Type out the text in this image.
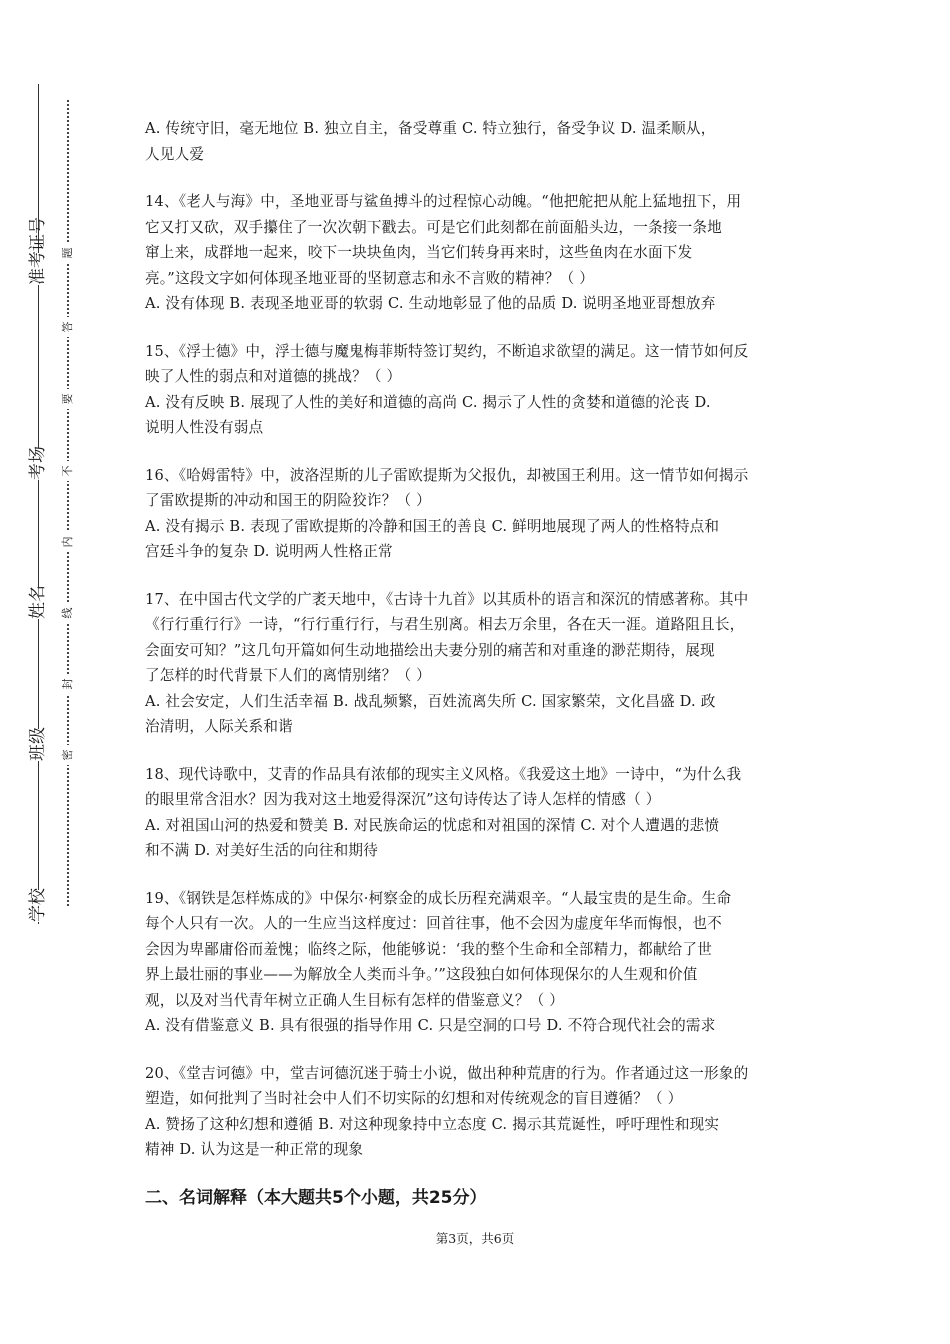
准考证号
考场
姓名
班级
学校
题
答
要
不
内
线
封
密
A. 传统守旧，毫无地位 B. 独立自主，备受尊重 C. 特立独行，备受争议 D. 温柔顺从，
人见人爱
14、《老人与海》中，圣地亚哥与鲨鱼搏斗的过程惊心动魄。“他把舵把从舵上猛地扭下，用
它又打又砍，双手攥住了一次次朝下戳去。可是它们此刻都在前面船头边，一条接一条地
窜上来，成群地一起来，咬下一块块鱼肉，当它们转身再来时，这些鱼肉在水面下发
亮。”这段文字如何体现圣地亚哥的坚韧意志和永不言败的精神？（ ）
A. 没有体现 B. 表现圣地亚哥的软弱 C. 生动地彰显了他的品质 D. 说明圣地亚哥想放弃
15、《浮士德》中，浮士德与魔鬼梅菲斯特签订契约，不断追求欲望的满足。这一情节如何反
映了人性的弱点和对道德的挑战？（ ）
A. 没有反映 B. 展现了人性的美好和道德的高尚 C. 揭示了人性的贪婪和道德的沦丧 D.
说明人性没有弱点
16、《哈姆雷特》中，波洛涅斯的儿子雷欧提斯为父报仇，却被国王利用。这一情节如何揭示
了雷欧提斯的冲动和国王的阴险狡诈？（ ）
A. 没有揭示 B. 表现了雷欧提斯的冷静和国王的善良 C. 鲜明地展现了两人的性格特点和
宫廷斗争的复杂 D. 说明两人性格正常
17、在中国古代文学的广袤天地中，《古诗十九首》以其质朴的语言和深沉的情感著称。其中
《行行重行行》一诗，“行行重行行，与君生别离。相去万余里，各在天一涯。道路阻且长，
会面安可知？”这几句开篇如何生动地描绘出夫妻分别的痛苦和对重逢的渺茫期待，展现
了怎样的时代背景下人们的离情别绪？（ ）
A. 社会安定，人们生活幸福 B. 战乱频繁，百姓流离失所 C. 国家繁荣，文化昌盛 D. 政
治清明，人际关系和谐
18、现代诗歌中，艾青的作品具有浓郁的现实主义风格。《我爱这土地》一诗中，“为什么我
的眼里常含泪水？因为我对这土地爱得深沉”这句诗传达了诗人怎样的情感（ ）
A. 对祖国山河的热爱和赞美 B. 对民族命运的忧虑和对祖国的深情 C. 对个人遭遇的悲愤
和不满 D. 对美好生活的向往和期待
19、《钢铁是怎样炼成的》中保尔·柯察金的成长历程充满艰辛。“人最宝贵的是生命。生命
每个人只有一次。人的一生应当这样度过：回首往事，他不会因为虚度年华而悔恨，也不
会因为卑鄙庸俗而羞愧；临终之际，他能够说：‘我的整个生命和全部精力，都献给了世
界上最壮丽的事业——为解放全人类而斗争。’”这段独白如何体现保尔的人生观和价值
观，以及对当代青年树立正确人生目标有怎样的借鉴意义？（ ）
A. 没有借鉴意义 B. 具有很强的指导作用 C. 只是空洞的口号 D. 不符合现代社会的需求
20、《堂吉诃德》中，堂吉诃德沉迷于骑士小说，做出种种荒唐的行为。作者通过这一形象的
塑造，如何批判了当时社会中人们不切实际的幻想和对传统观念的盲目遵循？（ ）
A. 赞扬了这种幻想和遵循 B. 对这种现象持中立态度 C. 揭示其荒诞性，呼吁理性和现实
精神 D. 认为这是一种正常的现象
二、名词解释（本大题共5个小题，共25分）
第3页，共6页
